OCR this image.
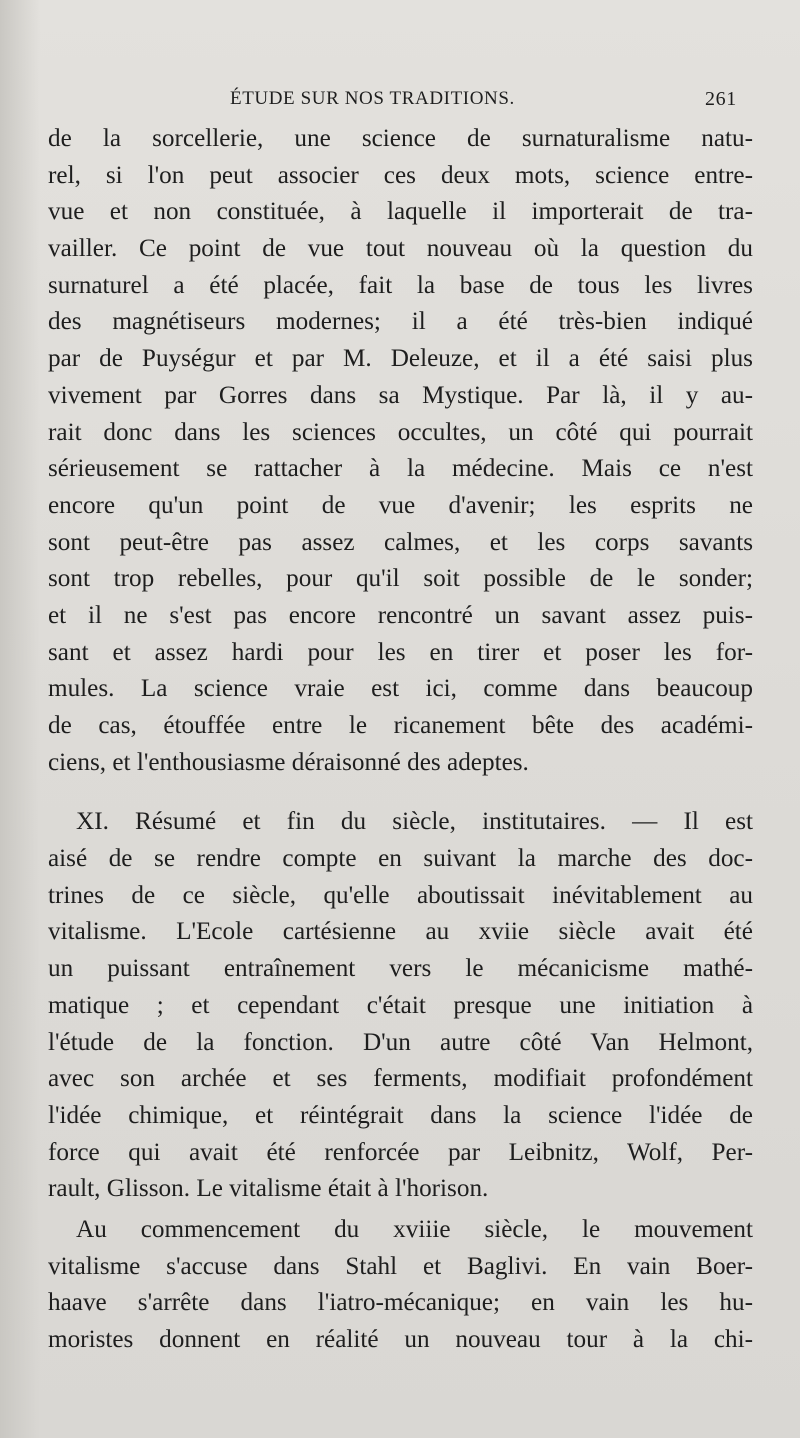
ÉTUDE SUR NOS TRADITIONS.	261
de la sorcellerie, une science de surnaturalisme natu-
rel, si l'on peut associer ces deux mots, science entre-
vue et non constituée, à laquelle il importerait de tra-
vailler. Ce point de vue tout nouveau où la question du
surnaturel a été placée, fait la base de tous les livres
des magnétiseurs modernes; il a été très-bien indiqué
par de Puységur et par M. Deleuze, et il a été saisi plus
vivement par Gorres dans sa Mystique. Par là, il y au-
rait donc dans les sciences occultes, un côté qui pourrait
sérieusement se rattacher à la médecine. Mais ce n'est
encore qu'un point de vue d'avenir; les esprits ne
sont peut-être pas assez calmes, et les corps savants
sont trop rebelles, pour qu'il soit possible de le sonder;
et il ne s'est pas encore rencontré un savant assez puis-
sant et assez hardi pour les en tirer et poser les for-
mules. La science vraie est ici, comme dans beaucoup
de cas, étouffée entre le ricanement bête des académi-
ciens, et l'enthousiasme déraisonné des adeptes.
XI. Résumé et fin du siècle, institutaires. — Il est
aisé de se rendre compte en suivant la marche des doc-
trines de ce siècle, qu'elle aboutissait inévitablement au
vitalisme. L'Ecole cartésienne au xviie siècle avait été
un puissant entraînement vers le mécanicisme mathé-
matique ; et cependant c'était presque une initiation à
l'étude de la fonction. D'un autre côté Van Helmont,
avec son archée et ses ferments, modifiait profondément
l'idée chimique, et réintégrait dans la science l'idée de
force qui avait été renforcée par Leibnitz, Wolf, Per-
rault, Glisson. Le vitalisme était à l'horison.
Au commencement du xviiie siècle, le mouvement
vitalisme s'accuse dans Stahl et Baglivi. En vain Boer-
haave s'arrête dans l'iatro-mécanique; en vain les hu-
moristes donnent en réalité un nouveau tour à la chi-
